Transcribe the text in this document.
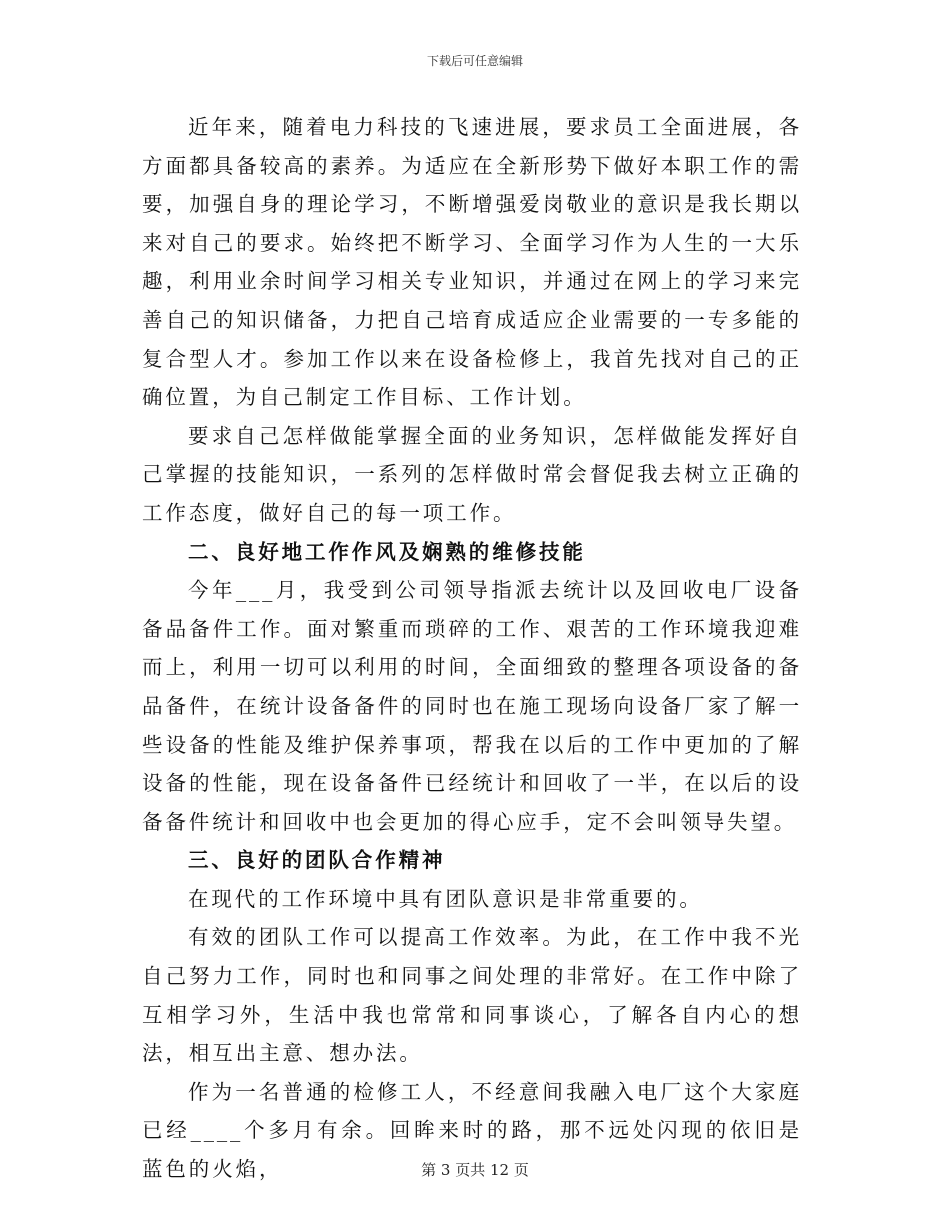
下载后可任意编辑

近年来，随着电力科技的飞速进展，要求员工全面进展，各方面都具备较高的素养。为适应在全新形势下做好本职工作的需要，加强自身的理论学习，不断增强爱岗敬业的意识是我长期以来对自己的要求。始终把不断学习、全面学习作为人生的一大乐趣，利用业余时间学习相关专业知识，并通过在网上的学习来完善自己的知识储备，力把自己培育成适应企业需要的一专多能的复合型人才。参加工作以来在设备检修上，我首先找对自己的正确位置，为自己制定工作目标、工作计划。

要求自己怎样做能掌握全面的业务知识，怎样做能发挥好自己掌握的技能知识，一系列的怎样做时常会督促我去树立正确的工作态度，做好自己的每一项工作。

二、良好地工作作风及娴熟的维修技能

今年___月，我受到公司领导指派去统计以及回收电厂设备备品备件工作。面对繁重而琐碎的工作、艰苦的工作环境我迎难而上，利用一切可以利用的时间，全面细致的整理各项设备的备品备件，在统计设备备件的同时也在施工现场向设备厂家了解一些设备的性能及维护保养事项，帮我在以后的工作中更加的了解设备的性能，现在设备备件已经统计和回收了一半，在以后的设备备件统计和回收中也会更加的得心应手，定不会叫领导失望。

三、良好的团队合作精神

在现代的工作环境中具有团队意识是非常重要的。

有效的团队工作可以提高工作效率。为此，在工作中我不光自己努力工作，同时也和同事之间处理的非常好。在工作中除了互相学习外，生活中我也常常和同事谈心，了解各自内心的想法，相互出主意、想办法。

作为一名普通的检修工人，不经意间我融入电厂这个大家庭已经____个多月有余。回眸来时的路，那不远处闪现的依旧是蓝色的火焰，	第 3 页共 12 页
